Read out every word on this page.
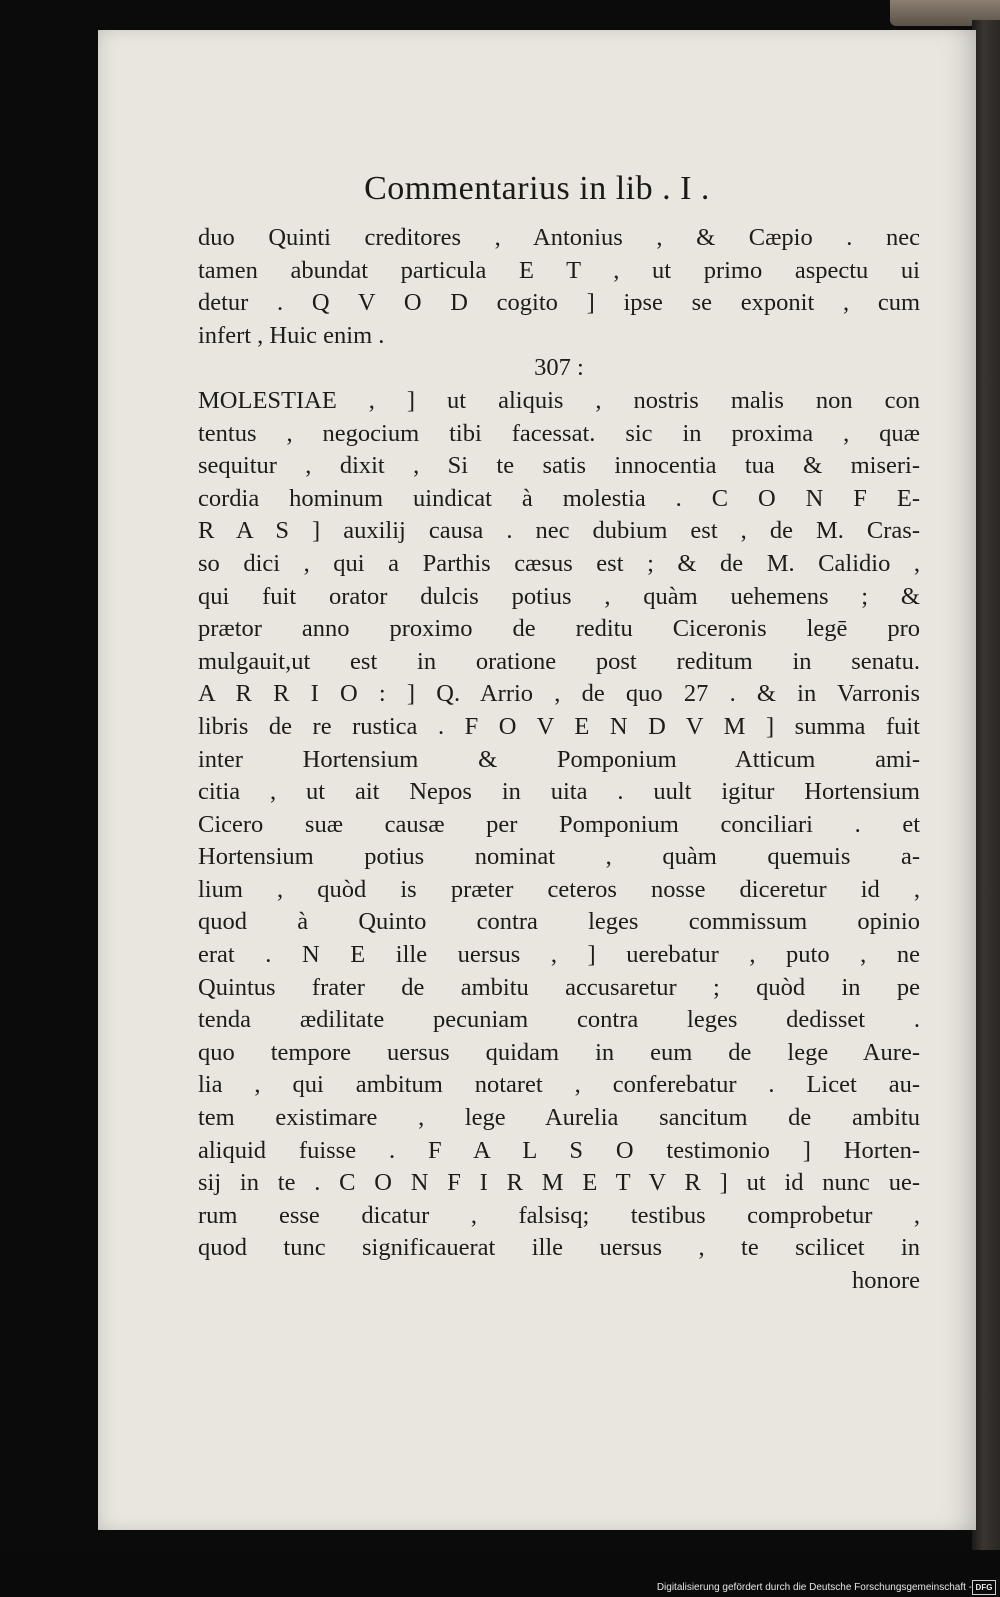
Commentarius in lib . I .
duo Quinti creditores , Antonius , & Cæpio . nec
tamen abundat particula E T , ut primo aspectu ui
detur . Q V O D cogito ] ipse se exponit , cum
infert , Huic enim .
307 :
MOLESTIAE , ] ut aliquis , nostris malis non con
tentus , negocium tibi facessat. sic in proxima , quæ
sequitur , dixit , Si te satis innocentia tua & miseri-
cordia hominum uindicat à molestia . C O N F E-
R A S ] auxilij causa . nec dubium est , de M. Cras-
so dici , qui a Parthis cæsus est ; & de M. Calidio ,
qui fuit orator dulcis potius , quàm uehemens ; &
prætor anno proximo de reditu Ciceronis legē pro
mulgauit,ut est in oratione post reditum in senatu.
A R R I O : ] Q. Arrio , de quo 27 . & in Varronis
libris de re rustica . F O V E N D V M ] summa fuit
inter Hortensium & Pomponium Atticum ami-
citia , ut ait Nepos in uita . uult igitur Hortensium
Cicero suæ causæ per Pomponium conciliari . et
Hortensium potius nominat , quàm quemuis a-
lium , quòd is præter ceteros nosse diceretur id ,
quod à Quinto contra leges commissum opinio
erat . N E ille uersus , ] uerebatur , puto , ne
Quintus frater de ambitu accusaretur ; quòd in pe
tenda ædilitate pecuniam contra leges dedisset .
quo tempore uersus quidam in eum de lege Aure-
lia , qui ambitum notaret , conferebatur . Licet au-
tem existimare , lege Aurelia sancitum de ambitu
aliquid fuisse . F A L S O testimonio ] Horten-
sij in te . C O N F I R M E T V R ] ut id nunc ue-
rum esse dicatur , falsisq; testibus comprobetur ,
quod tunc significauerat ille uersus , te scilicet in
honore
Digitalisierung gefördert durch die Deutsche Forschungsgemeinschaft - DFG
